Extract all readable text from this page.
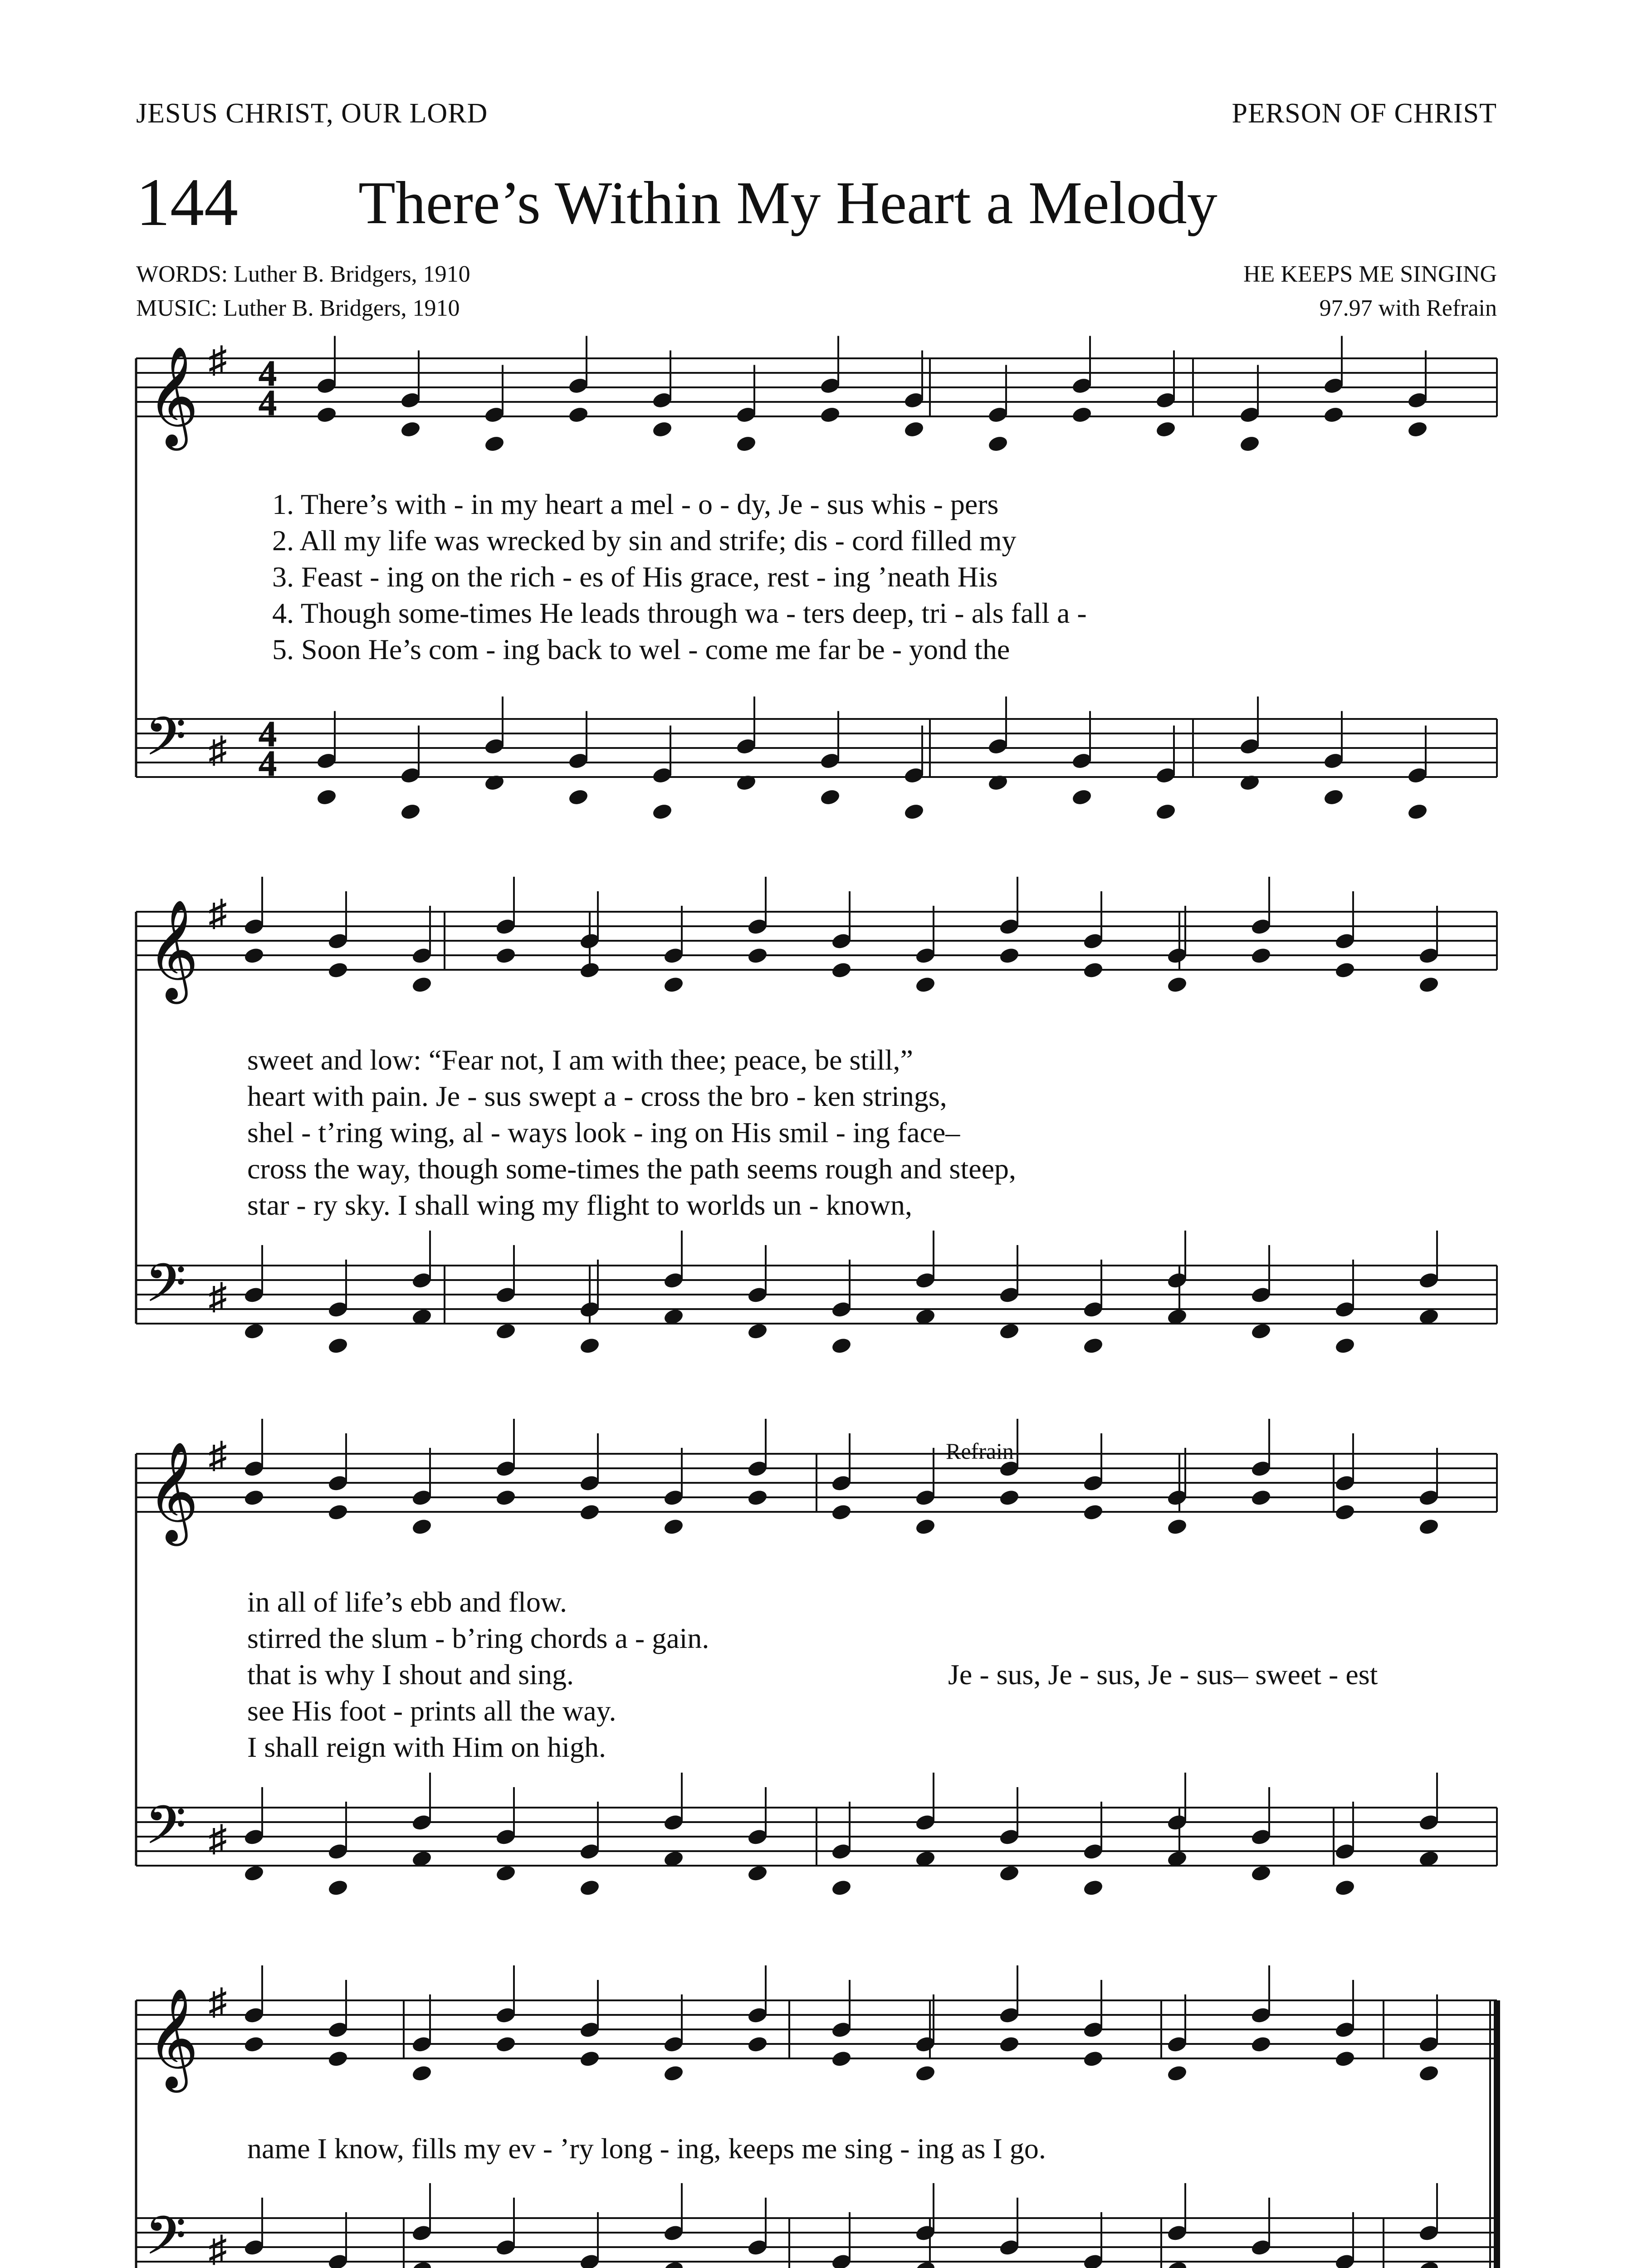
JESUS CHRIST, OUR LORD	PERSON OF CHRIST
144 There’s Within My Heart a Melody
WORDS: Luther B. Bridgers, 1910
MUSIC: Luther B. Bridgers, 1910
HE KEEPS ME SINGING
97.97 with Refrain
𝄞
𝄢
♯
♯
𝄞
𝄢
♯
♯
𝄞
𝄢
♯
♯
𝄞
𝄢
♯
♯
4
4
4
4
Refrain
1. There’s with - in my heart a mel - o - dy, Je - sus whis - pers
2. All my life was wrecked by sin and strife; dis - cord filled my
3. Feast - ing on the rich - es of His grace, rest - ing ’neath His
4. Though some-times He leads through wa - ters deep, tri - als fall a -
5. Soon He’s com - ing back to wel - come me far be - yond the
sweet and low: “Fear not, I am with thee; peace, be still,”
heart with pain. Je - sus swept a - cross the bro - ken strings,
shel - t’ring wing, al - ways look - ing on His smil - ing face–
cross the way, though some-times the path seems rough and steep,
star - ry sky. I shall wing my flight to worlds un - known,
in all of life’s ebb and flow.
stirred the slum - b’ring chords a - gain.
that is why I shout and sing.
see His foot - prints all the way.
I shall reign with Him on high.
Je - sus, Je - sus, Je - sus– sweet - est
name I know, fills my ev - ’ry long - ing, keeps me sing - ing as I go.
